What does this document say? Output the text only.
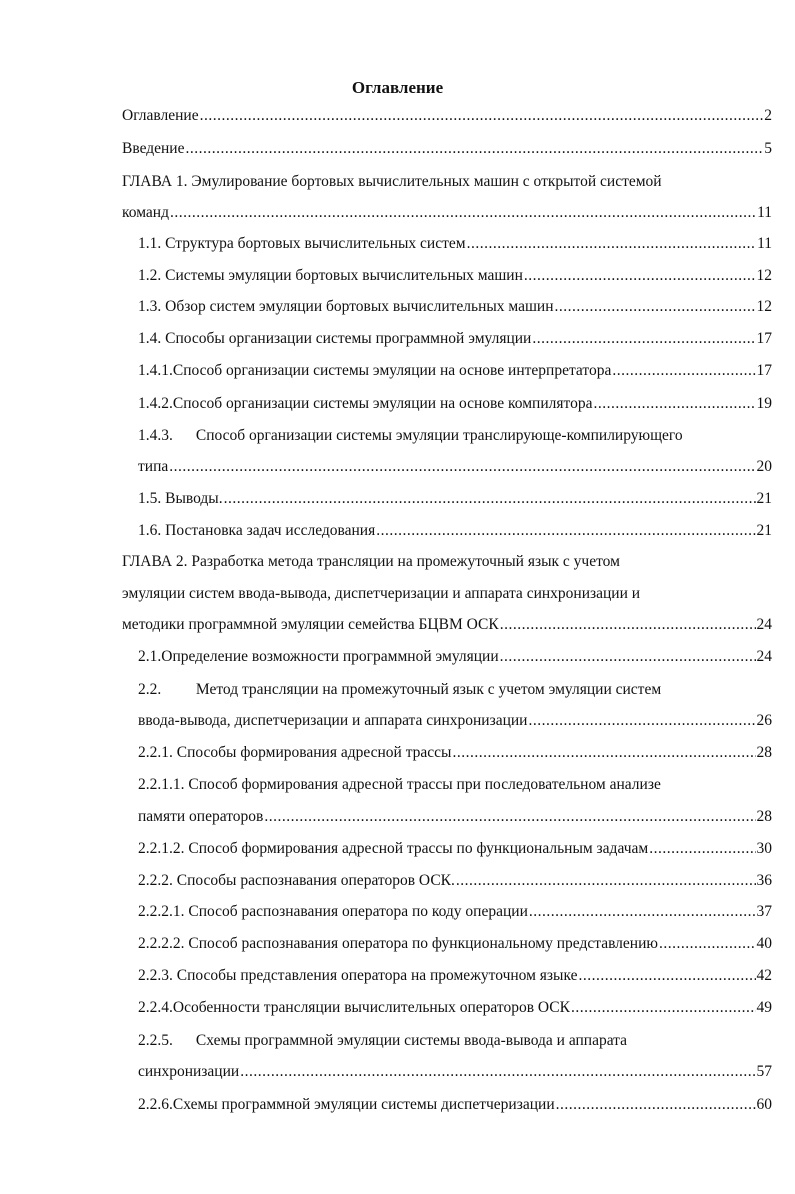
Оглавление
Оглавление .....	2
Введение .....	5
ГЛАВА 1. Эмулирование бортовых вычислительных машин с открытой системой
команд .....	11
1.1. Структура бортовых вычислительных систем .....	11
1.2. Системы эмуляции бортовых вычислительных машин .....	12
1.3. Обзор систем эмуляции бортовых вычислительных машин .....	12
1.4. Способы организации системы программной эмуляции .....	17
1.4.1. Способ организации системы эмуляции на основе интерпретатора .....	17
1.4.2. Способ организации системы эмуляции на основе компилятора .....	19
1.4.3. Способ организации системы эмуляции транслирующе-компилирующего
типа .....	20
1.5. Выводы. .....	21
1.6. Постановка задач исследования .....	21
ГЛАВА 2. Разработка метода трансляции на промежуточный язык с учетом
эмуляции систем ввода-вывода, диспетчеризации и аппарата синхронизации и
методики программной эмуляции семейства БЦВМ ОСК .....	24
2.1. Определение возможности программной эмуляции .....	24
2.2. Метод трансляции на промежуточный язык с учетом эмуляции систем
ввода-вывода, диспетчеризации и аппарата синхронизации .....	26
2.2.1. Способы формирования адресной трассы .....	28
2.2.1.1. Способ формирования адресной трассы при последовательном анализе
памяти операторов .....	28
2.2.1.2. Способ формирования адресной трассы по функциональным задачам .....	30
2.2.2. Способы распознавания операторов ОСК. .....	36
2.2.2.1. Способ распознавания оператора по коду операции .....	37
2.2.2.2. Способ распознавания оператора по функциональному представлению .....	40
2.2.3. Способы представления оператора на промежуточном языке .....	42
2.2.4. Особенности трансляции вычислительных операторов ОСК .....	49
2.2.5. Схемы программной эмуляции системы ввода-вывода и аппарата
синхронизации .....	57
2.2.6. Схемы программной эмуляции системы диспетчеризации .....	60
